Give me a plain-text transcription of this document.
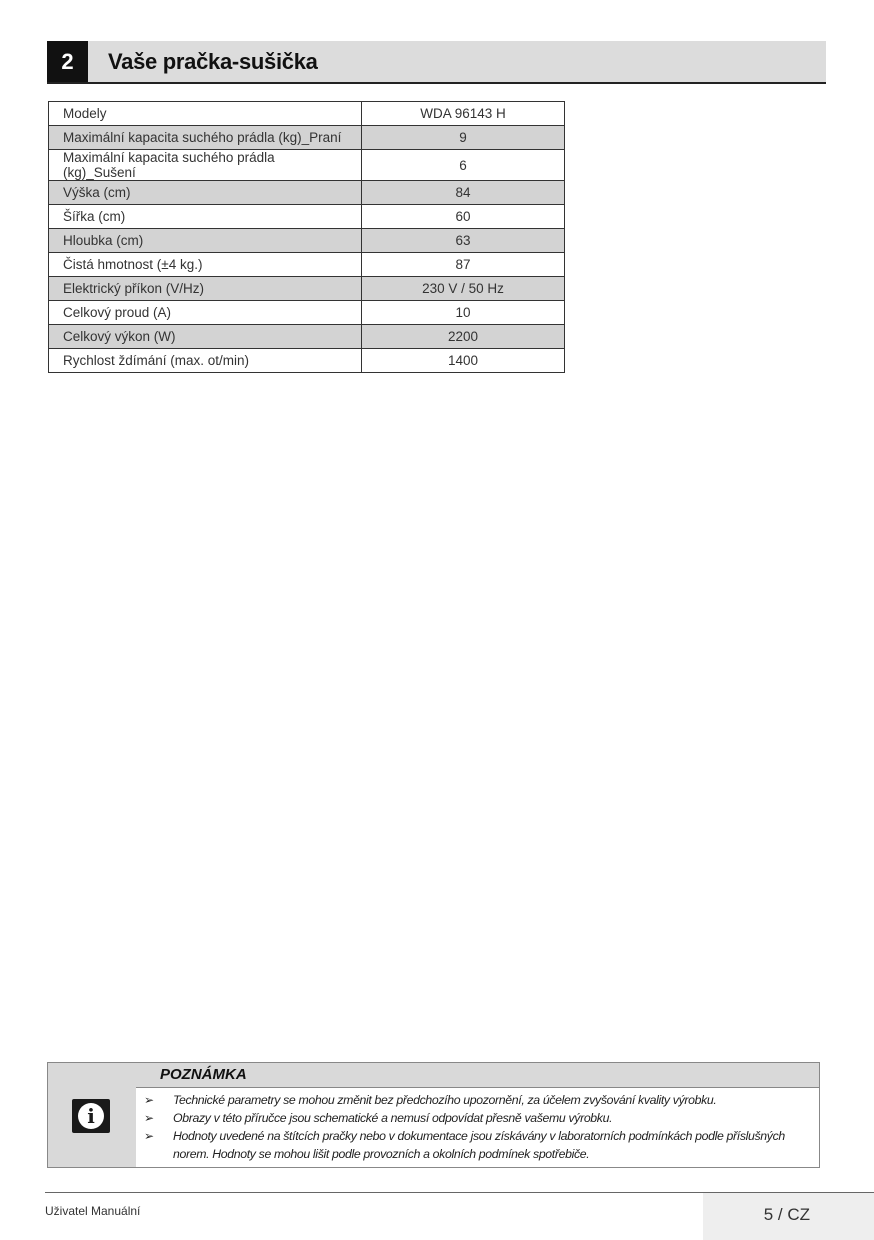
2	Vaše pračka-sušička
Modely	WDA 96143 H
Maximální kapacita suchého prádla (kg)_Praní	9
Maximální kapacita suchého prádla (kg)_Sušení	6
Výška (cm)	84
Šířka (cm)	60
Hloubka (cm)	63
Čistá hmotnost (±4 kg.)	87
Elektrický příkon (V/Hz)	230 V / 50 Hz
Celkový proud (A)	10
Celkový výkon (W)	2200
Rychlost ždímání (max. ot/min)	1400
i
POZNÁMKA
➢ Technické parametry se mohou změnit bez předchozího upozornění, za účelem zvyšování kvality výrobku.
➢ Obrazy v této příručce jsou schematické a nemusí odpovídat přesně vašemu výrobku.
➢ Hodnoty uvedené na štítcích pračky nebo v dokumentace jsou získávány v laboratorních podmínkách podle příslušných norem. Hodnoty se mohou lišit podle provozních a okolních podmínek spotřebiče.
Uživatel Manuální	5 / CZ
